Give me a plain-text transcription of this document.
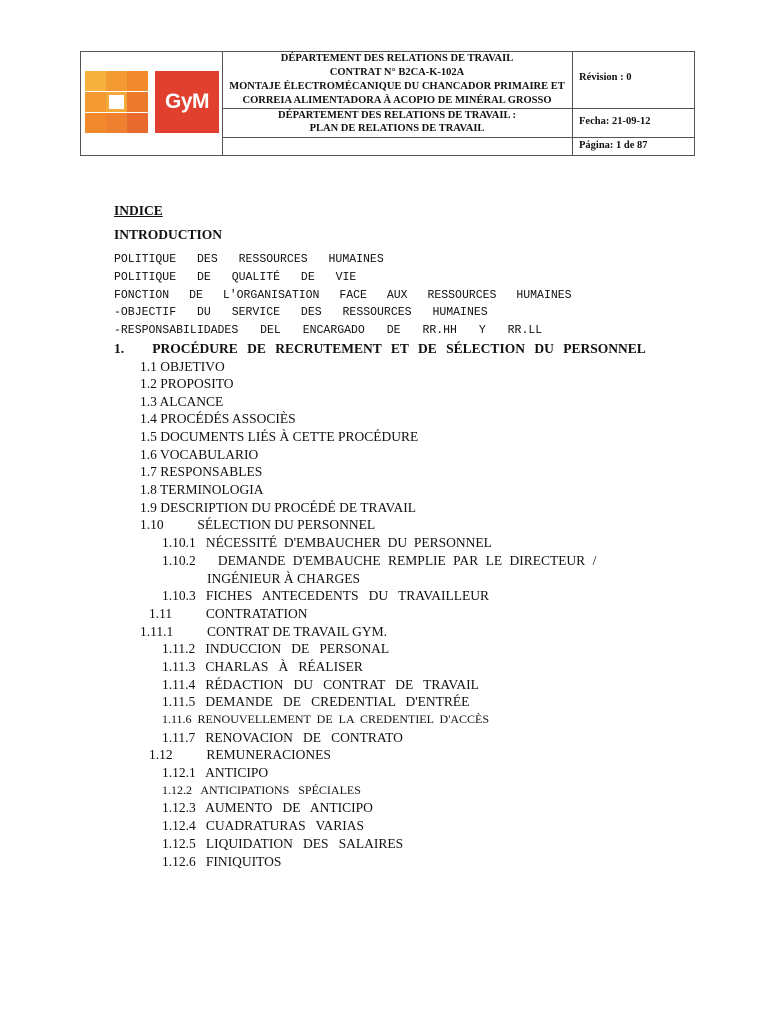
GyM
DÉPARTEMENT DES RELATIONS DE TRAVAIL
CONTRAT N° B2CA-K-102A
MONTAJE ÉLECTROMÉCANIQUE DU CHANCADOR PRIMAIRE ET
CORREIA ALIMENTADORA À ACOPIO DE MINÉRAL GROSSO
DÉPARTEMENT DES RELATIONS DE TRAVAIL :
PLAN DE RELATIONS DE TRAVAIL
Révision : 0
Fecha: 21-09-12
Página: 1 de 87
INDICE
INTRODUCTION
POLITIQUE DES RESSOURCES HUMAINES
POLITIQUE DE QUALITÉ DE VIE
FONCTION DE L'ORGANISATION FACE AUX RESSOURCES HUMAINES
-OBJECTIF DU SERVICE DES RESSOURCES HUMAINES
-RESPONSABILIDADES DEL ENCARGADO DE RR.HH Y RR.LL
1.   PROCÉDURE DE RECRUTEMENT ET DE SÉLECTION DU PERSONNEL
1.1 OBJETIVO
1.2 PROPOSITO
1.3 ALCANCE
1.4 PROCÉDÉS ASSOCIÈS
1.5 DOCUMENTS LIÉS À CETTE PROCÉDURE
1.6 VOCABULARIO
1.7 RESPONSABLES
1.8 TERMINOLOGIA
1.9 DESCRIPTION DU PROCÉDÉ DE TRAVAIL
1.10          SÉLECTION DU PERSONNEL
1.10.1   NÉCESSITÉ  D'EMBAUCHER  DU  PERSONNEL
1.10.2   DEMANDE D'EMBAUCHE REMPLIE PAR LE DIRECTEUR /
INGÉNIEUR À CHARGES
1.10.3   FICHES   ANTECEDENTS   DU   TRAVAILLEUR
1.11          CONTRATATION
1.11.1          CONTRAT DE TRAVAIL GYM.
1.11.2   INDUCCION   DE   PERSONAL
1.11.3   CHARLAS   À   RÉALISER
1.11.4   RÉDACTION   DU   CONTRAT   DE   TRAVAIL
1.11.5   DEMANDE   DE   CREDENTIAL   D'ENTRÉE
1.11.6  RENOUVELLEMENT  DE  LA  CREDENTIEL  D'ACCÈS
1.11.7   RENOVACION   DE   CONTRATO
1.12          REMUNERACIONES
1.12.1   ANTICIPO
1.12.2   ANTICIPATIONS   SPÉCIALES
1.12.3   AUMENTO   DE   ANTICIPO
1.12.4   CUADRATURAS   VARIAS
1.12.5   LIQUIDATION   DES   SALAIRES
1.12.6   FINIQUITOS
